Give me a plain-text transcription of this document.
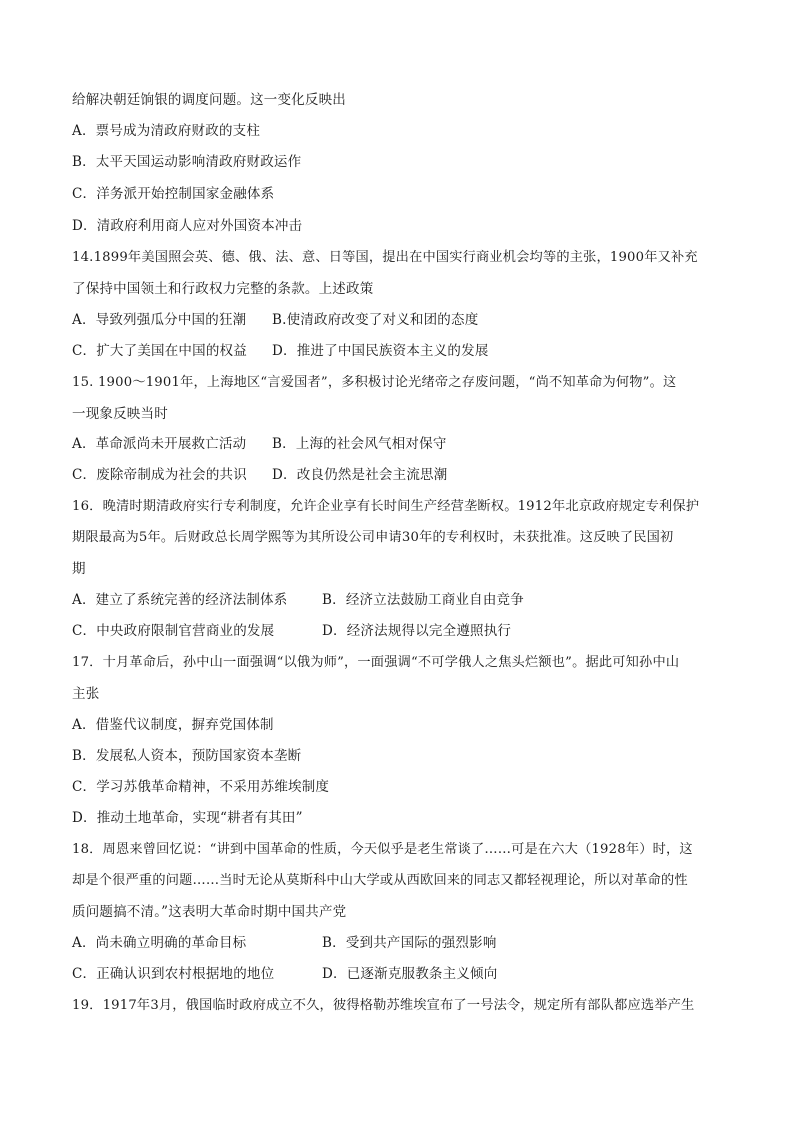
给解决朝廷饷银的调度问题。这一变化反映出
A．票号成为清政府财政的支柱
B．太平天国运动影响清政府财政运作
C．洋务派开始控制国家金融体系
D．清政府利用商人应对外国资本冲击
14.1899年美国照会英、德、俄、法、意、日等国，提出在中国实行商业机会均等的主张，1900年又补充
了保持中国领土和行政权力完整的条款。上述政策
A．导致列强瓜分中国的狂潮 B.使清政府改变了对义和团的态度
C．扩大了美国在中国的权益 D．推进了中国民族资本主义的发展
15. 1900～1901年，上海地区“言爱国者”，多积极讨论光绪帝之存废问题，“尚不知革命为何物”。这
一现象反映当时
A．革命派尚未开展救亡活动 B．上海的社会风气相对保守
C．废除帝制成为社会的共识 D．改良仍然是社会主流思潮
16．晚清时期清政府实行专利制度，允许企业享有长时间生产经营垄断权。1912年北京政府规定专利保护
期限最高为5年。后财政总长周学熙等为其所设公司申请30年的专利权时，未获批准。这反映了民国初
期
A．建立了系统完善的经济法制体系	B．经济立法鼓励工商业自由竞争
C．中央政府限制官营商业的发展	D．经济法规得以完全遵照执行
17．十月革命后，孙中山一面强调“以俄为师”，一面强调“不可学俄人之焦头烂额也”。据此可知孙中山
主张
A．借鉴代议制度，摒弃党国体制
B．发展私人资本，预防国家资本垄断
C．学习苏俄革命精神，不采用苏维埃制度
D．推动土地革命，实现“耕者有其田”
18．周恩来曾回忆说：“讲到中国革命的性质，今天似乎是老生常谈了……可是在六大（1928年）时，这
却是个很严重的问题……当时无论从莫斯科中山大学或从西欧回来的同志又都轻视理论，所以对革命的性
质问题搞不清。”这表明大革命时期中国共产党
A．尚未确立明确的革命目标	B．受到共产国际的强烈影响
C．正确认识到农村根据地的地位	D．已逐渐克服教条主义倾向
19．1917年3月，俄国临时政府成立不久，彼得格勒苏维埃宣布了一号法令，规定所有部队都应选举产生
